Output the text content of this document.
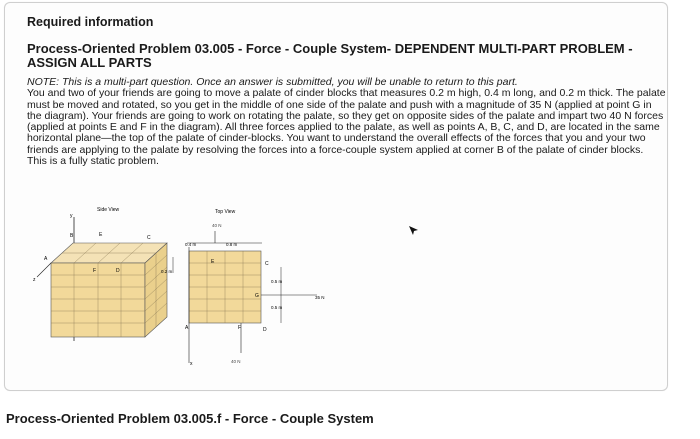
Required information
Process-Oriented Problem 03.005 - Force - Couple System- DEPENDENT MULTI-PART PROBLEM - ASSIGN ALL PARTS

NOTE: This is a multi-part question. Once an answer is submitted, you will be unable to return to this part.

You and two of your friends are going to move a palate of cinder blocks that measures 0.2 m high, 0.4 m long, and 0.2 m thick. The palate must be moved and rotated, so you get in the middle of one side of the palate and push with a magnitude of 35 N (applied at point G in the diagram). Your friends are going to work on rotating the palate, so they get on opposite sides of the palate and impart two 40 N forces (applied at points E and F in the diagram). All three forces applied to the palate, as well as points A, B, C, and D, are located in the same horizontal plane—the top of the palate of cinder-blocks. You want to understand the overall effects of the forces that you and your two friends are applying to the palate by resolving the forces into a force-couple system applied at corner B of the palate of cinder blocks.

This is a fully static problem.

Side View
y
B	E	C
A
F	D
z
0.2 m
Top View
40 N
0.4 m	0.8 m
E	C
G
F	D
A
x
35 N
0.5 m
0.5 m
40 N
Process-Oriented Problem 03.005.f - Force - Couple System
